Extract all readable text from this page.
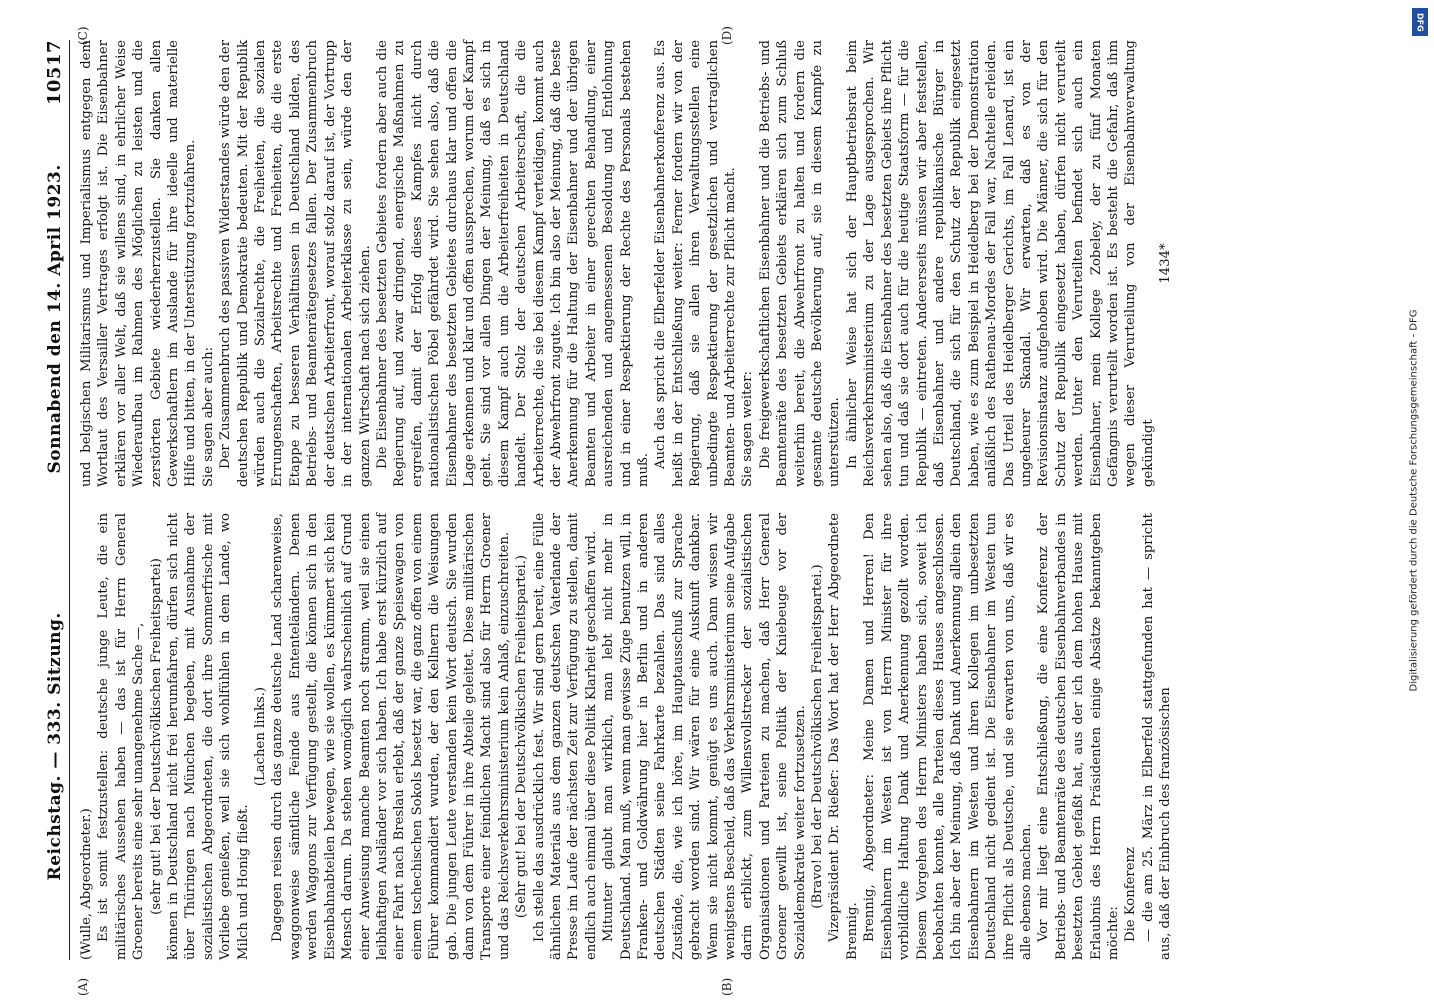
Reichstag. — 333. Sitzung.
Sonnabend den 14. April 1923.
10517

(Wulle, Abgeordneter.) Es ist somit festzustellen: deutsche junge Leute, die ein militärisches Aussehen haben — das ist für Herrn General Groener bereits eine sehr unangenehme Sache —, (sehr gut! bei der Deutschvölkischen Freiheitspartei) können in Deutschland nicht frei herumfahren, dürfen sich nicht über Thüringen nach München begeben, mit Ausnahme der sozialistischen Abgeordneten, die dort ihre Sommerfrische mit Vorliebe genießen, weil sie sich wohlfühlen in dem Lande, wo Milch und Honig fließt.

(Lachen links.) Dagegen reisen durch das ganze deutsche Land scharenweise, waggonweise sämtliche Feinde aus Ententeländern. Denen werden Waggons zur Verfügung gestellt, die können sich in den Eisenbahnabteilen bewegen, wie sie wollen, es kümmert sich kein Mensch darum. Da stehen womöglich wahrscheinlich auf Grund einer Anweisung manche Beamten noch stramm, weil sie einen leibhaftigen Ausländer vor sich haben. Ich habe erst kürzlich auf einer Fahrt nach Breslau erlebt, daß der ganze Speisewagen von einem tschechischen Sokols besetzt war, die ganz offen von einem Führer kommandiert wurden, der den Kellnern die Weisungen gab. Die jungen Leute verstanden kein Wort deutsch. Sie wurden dann von dem Führer in ihre Abteile geleitet. Diese militärischen Transporte einer feindlichen Macht sind also für Herrn Groener und das Reichsverkehrsministerium kein Anlaß, einzuschreiten. (Sehr gut! bei der Deutschvölkischen Freiheitspartei.) Ich stelle das ausdrücklich fest. Wir sind gern bereit, eine Fülle ähnlichen Materials aus dem ganzen deutschen Vaterlande der Presse im Laufe der nächsten Zeit zur Verfügung zu stellen, damit endlich auch einmal über diese Politik Klarheit geschaffen wird. Mitunter glaubt man wirklich, man lebt nicht mehr in Deutschland. Man muß, wenn man gewisse Züge benutzen will, in Franken- und Goldwährung hier in Berlin und in anderen deutschen Städten seine Fahrkarte bezahlen. Das sind alles Zustände, die, wie ich höre, im Hauptausschuß zur Sprache gebracht worden sind. Wir wären für eine Auskunft dankbar. Wenn sie nicht kommt, genügt es uns auch. Dann wissen wir wenigstens Bescheid, daß das Verkehrsministerium seine Aufgabe darin erblickt, zum Willensvollstrecker der sozialistischen Organisationen und Parteien zu machen, daß Herr General Groener gewillt ist, seine Politik der Kniebeuge vor der Sozialdemokratie weiter fortzusetzen. (Bravo! bei der Deutschvölkischen Freiheitspartei.) Vizepräsident Dr. Rießer: Das Wort hat der Herr Abgeordnete Brennig. Brennig, Abgeordneter: Meine Damen und Herren! Den Eisenbahnern im Westen ist von Herrn Minister für ihre vorbildliche Haltung Dank und Anerkennung gezollt worden. Diesem Vorgehen des Herrn Ministers haben sich, soweit ich beobachten konnte, alle Parteien dieses Hauses angeschlossen. Ich bin aber der Meinung, daß Dank und Anerkennung allein den Eisenbahnern im Westen und ihren Kollegen im unbesetzten Deutschland nicht gedient ist. Die Eisenbahner im Westen tun ihre Pflicht als Deutsche, und sie erwarten von uns, daß wir es alle ebenso machen. Vor mir liegt eine Entschließung, die eine Konferenz der Betriebs- und Beamtenräte des deutschen Eisenbahnverbandes in besetzten Gebiet gefaßt hat, aus der ich dem hohen Hause mit Erlaubnis des Herrn Präsidenten einige Absätze bekanntgeben möchte: Die Konferenz — die am 25. März in Elberfeld stattgefunden hat — spricht aus, daß der Einbruch des französischen

und belgischen Militarismus und Imperialismus entgegen dem Wortlaut des Versailler Vertrages erfolgt ist. Die Eisenbahner erklären vor aller Welt, daß sie willens sind, in ehrlicher Weise Wiederaufbau im Rahmen des Möglichen zu leisten und die zerstörten Gebiete wiederherzustellen. Sie danken allen Gewerkschaftlern im Auslande für ihre ideelle und materielle Hilfe und bitten, in der Unterstützung fortzufahren. Sie sagen aber auch: Der Zusammenbruch des passiven Widerstandes würde den der deutschen Republik und Demokratie bedeuten. Mit der Republik würden auch die Sozialrechte, die Freiheiten, die sozialen Errungenschaften, Arbeitsrechte und Freiheiten, die die erste Etappe zu besseren Verhältnissen in Deutschland bilden, des Betriebs- und Beamtenrätegesetzes fallen. Der Zusammenbruch der deutschen Arbeiterfront, worauf stolz darauf ist, der Vortrupp in der internationalen Arbeiterklasse zu sein, würde den der ganzen Wirtschaft nach sich ziehen. Die Eisenbahner des besetzten Gebietes fordern aber auch die Regierung auf, und zwar dringend, energische Maßnahmen zu ergreifen, damit der Erfolg dieses Kampfes nicht durch nationalistischen Pöbel gefährdet wird. Sie sehen also, daß die Eisenbahner des besetzten Gebietes durchaus klar und offen die Lage erkennen und klar und offen aussprechen, worum der Kampf geht. Sie sind vor allen Dingen der Meinung, daß es sich in diesem Kampf auch um die Arbeiterfreiheiten in Deutschland handelt. Der Stolz der deutschen Arbeiterschaft, die die Arbeiterrechte, die sie bei diesem Kampf verteidigen, kommt auch der Abwehrfront zugute. Ich bin also der Meinung, daß die beste Anerkennung für die Haltung der Eisenbahner und der übrigen Beamten und Arbeiter in einer gerechten Behandlung, einer ausreichenden und angemessenen Besoldung und Entlohnung und in einer Respektierung der Rechte des Personals bestehen muß.

Auch das spricht die Elberfelder Eisenbahnerkonferenz aus. Es heißt in der Entschließung weiter: Ferner fordern wir von der Regierung, daß sie allen ihren Verwaltungsstellen eine unbedingte Respektierung der gesetzlichen und vertraglichen Beamten- und Arbeiterrechte zur Pflicht macht. Sie sagen weiter: Die freigewerkschaftlichen Eisenbahner und die Betriebs- und Beamtenräte des besetzten Gebiets erklären sich zum Schluß weiterhin bereit, die Abwehrfront zu halten und fordern die gesamte deutsche Bevölkerung auf, sie in diesem Kampfe zu unterstützen. In ähnlicher Weise hat sich der Hauptbetriebsrat beim Reichsverkehrsministerium zu der Lage ausgesprochen. Wir sehen also, daß die Eisenbahner des besetzten Gebiets ihre Pflicht tun und daß sie dort auch für die heutige Staatsform — für die Republik — eintreten. Andererseits müssen wir aber feststellen, daß Eisenbahner und andere republikanische Bürger in Deutschland, die sich für den Schutz der Republik eingesetzt haben, wie es zum Beispiel in Heidelberg bei der Demonstration anläßlich des Rathenau-Mordes der Fall war, Nachteile erleiden. Das Urteil des Heidelberger Gerichts, im Fall Lenard, ist ein ungeheurer Skandal. Wir erwarten, daß es von der Revisionsinstanz aufgehoben wird. Die Männer, die sich für den Schutz der Republik eingesetzt haben, dürfen nicht verurteilt werden. Unter den Verurteilten befindet sich auch ein Eisenbahner, mein Kollege Zobeley, der zu fünf Monaten Gefängnis verurteilt worden ist. Es besteht die Gefahr, daß ihm wegen dieser Verurteilung von der Eisenbahnverwaltung gekündigt

1434*

(A)	(B)
(C)	(D)
Digitalisierung gefördert durch die Deutsche Forschungsgemeinschaft - DFG
DFG
